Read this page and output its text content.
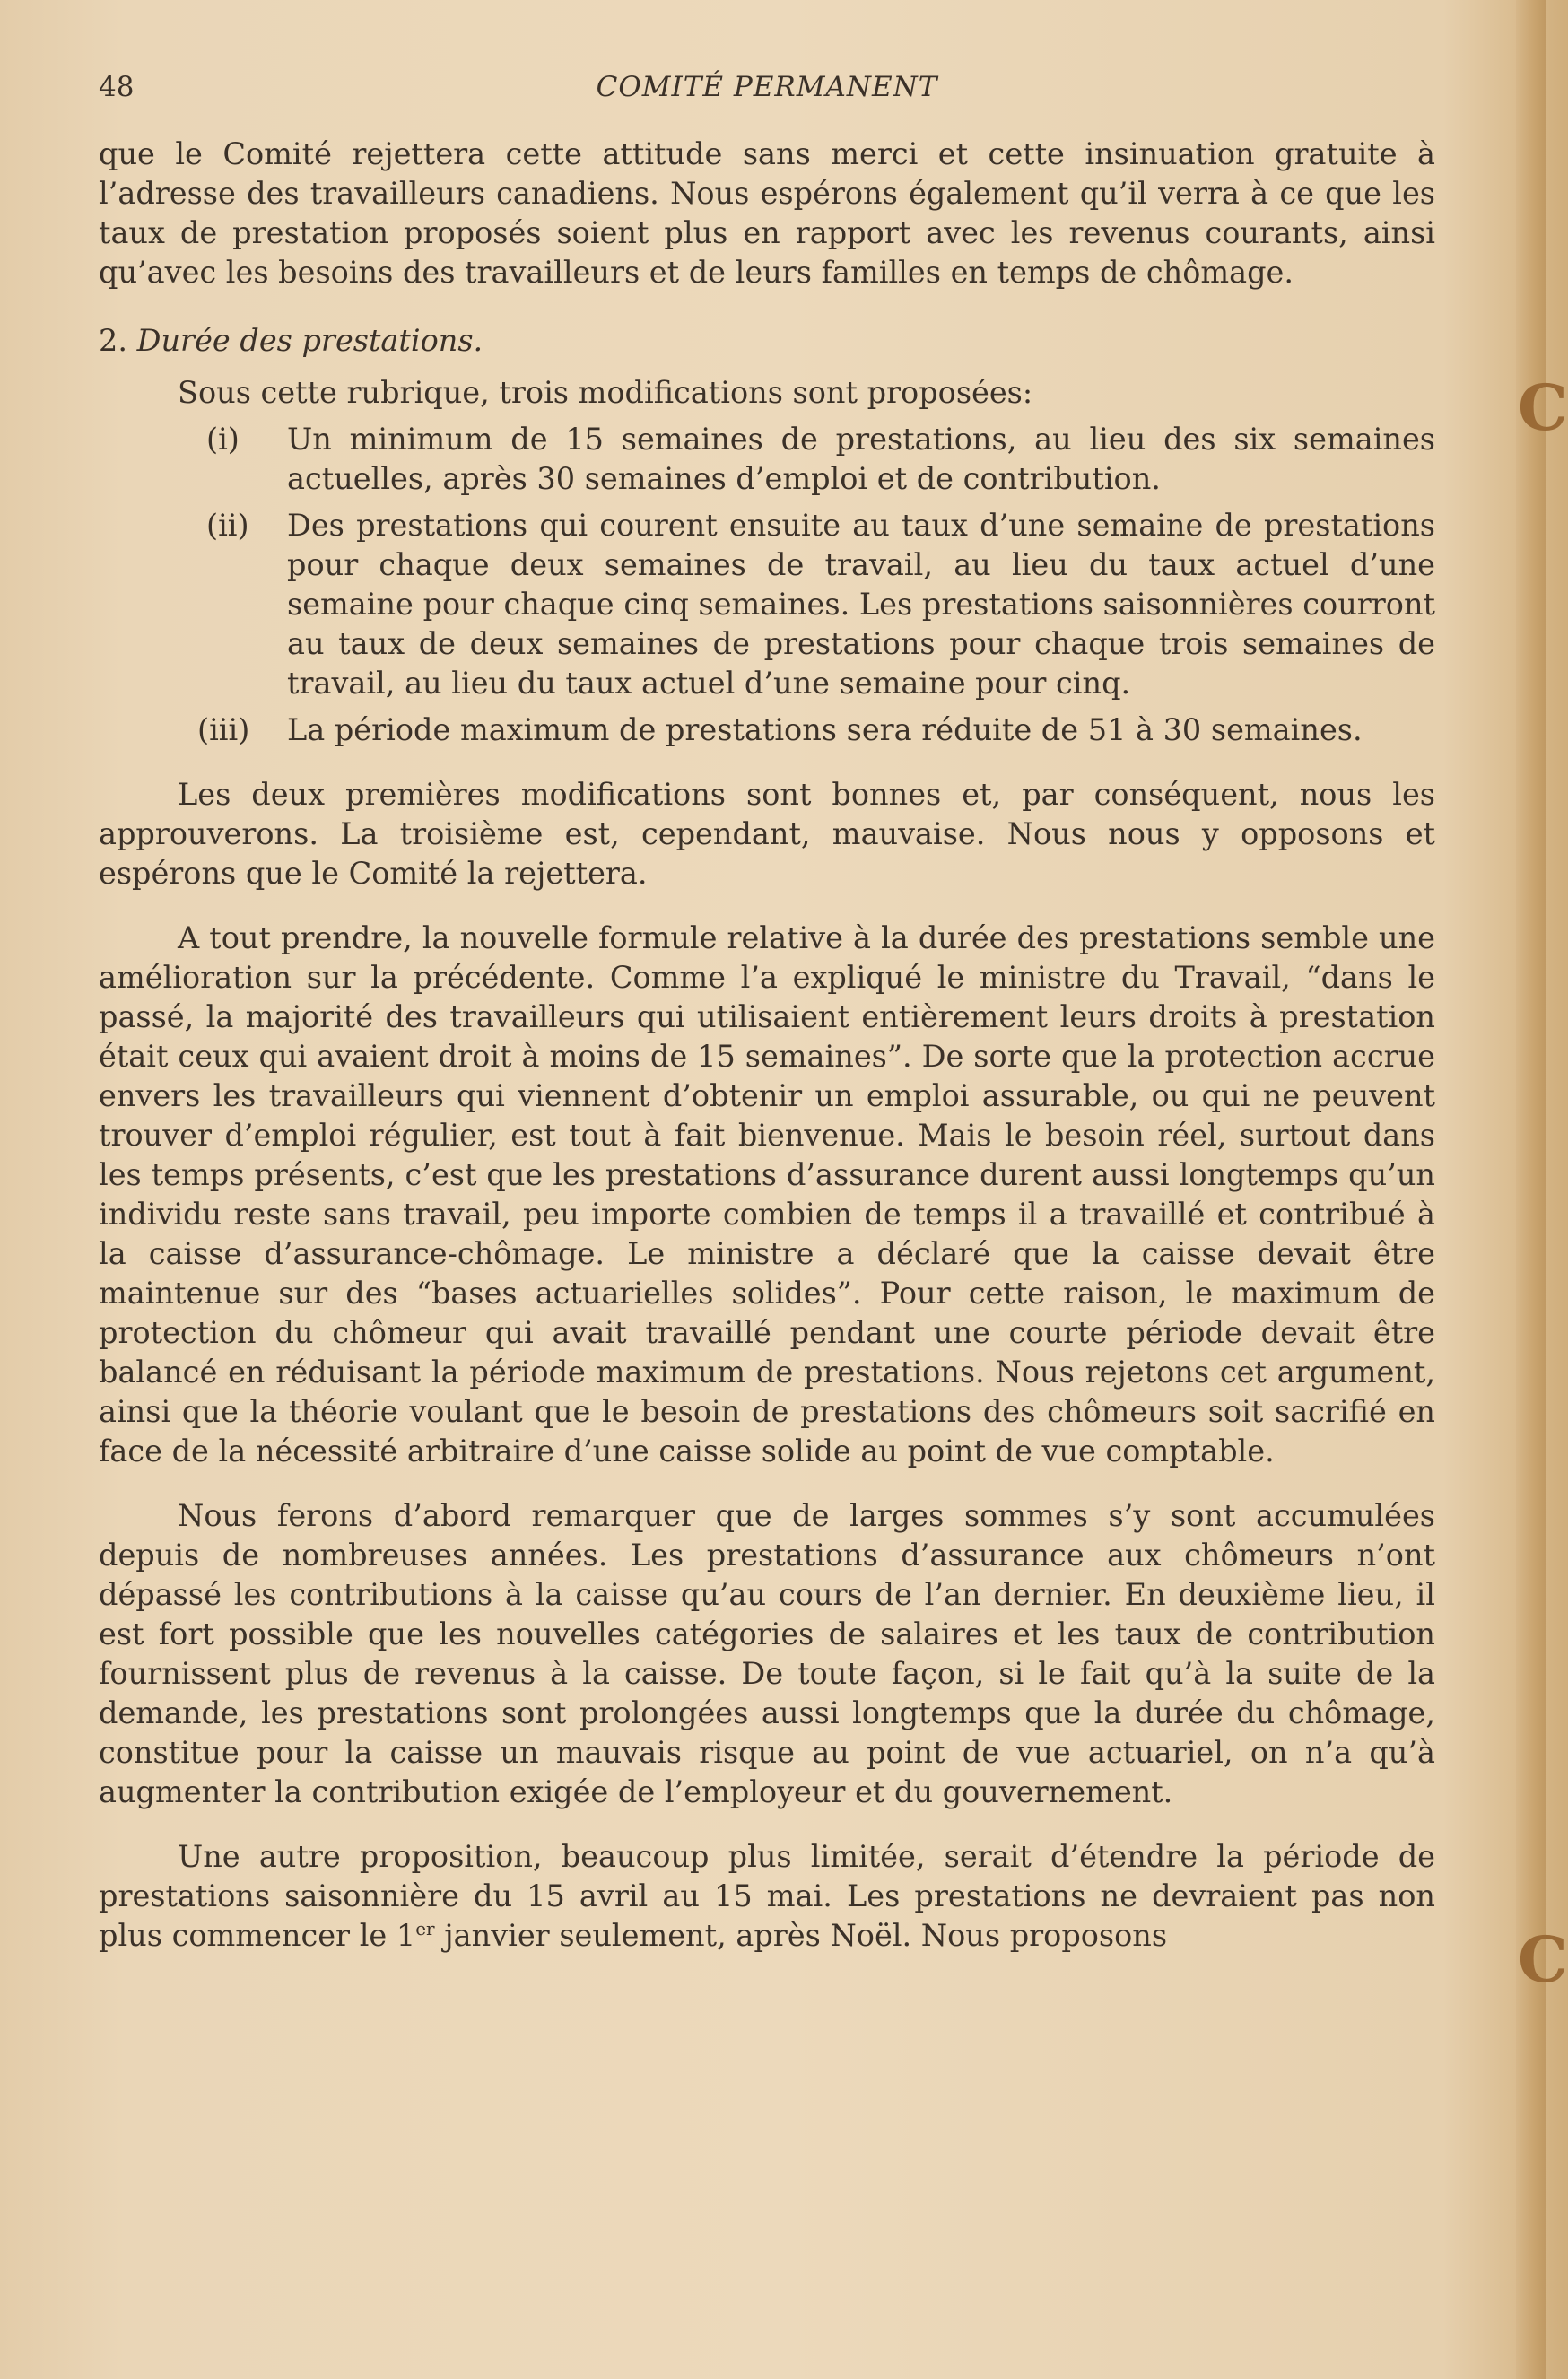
C
C
48	COMITÉ PERMANENT

que le Comité rejettera cette attitude sans merci et cette insinuation gratuite à l’adresse des travailleurs canadiens. Nous espérons également qu’il verra à ce que les taux de prestation proposés soient plus en rapport avec les revenus courants, ainsi qu’avec les besoins des travailleurs et de leurs familles en temps de chômage.

2. Durée des prestations.

Sous cette rubrique, trois modifications sont proposées:

(i) Un minimum de 15 semaines de prestations, au lieu des six semaines actuelles, après 30 semaines d’emploi et de contribution.
(ii) Des prestations qui courent ensuite au taux d’une semaine de prestations pour chaque deux semaines de travail, au lieu du taux actuel d’une semaine pour chaque cinq semaines. Les prestations saisonnières courront au taux de deux semaines de prestations pour chaque trois semaines de travail, au lieu du taux actuel d’une semaine pour cinq.
(iii) La période maximum de prestations sera réduite de 51 à 30 semaines.

Les deux premières modifications sont bonnes et, par conséquent, nous les approuverons. La troisième est, cependant, mauvaise. Nous nous y opposons et espérons que le Comité la rejettera.

A tout prendre, la nouvelle formule relative à la durée des prestations semble une amélioration sur la précédente. Comme l’a expliqué le ministre du Travail, “dans le passé, la majorité des travailleurs qui utilisaient entièrement leurs droits à prestation était ceux qui avaient droit à moins de 15 semaines”. De sorte que la protection accrue envers les travailleurs qui viennent d’obtenir un emploi assurable, ou qui ne peuvent trouver d’emploi régulier, est tout à fait bienvenue. Mais le besoin réel, surtout dans les temps présents, c’est que les prestations d’assurance durent aussi longtemps qu’un individu reste sans travail, peu importe combien de temps il a travaillé et contribué à la caisse d’assurance-chômage. Le ministre a déclaré que la caisse devait être maintenue sur des “bases actuarielles solides”. Pour cette raison, le maximum de protection du chômeur qui avait travaillé pendant une courte période devait être balancé en réduisant la période maximum de prestations. Nous rejetons cet argument, ainsi que la théorie voulant que le besoin de prestations des chômeurs soit sacrifié en face de la nécessité arbitraire d’une caisse solide au point de vue comptable.

Nous ferons d’abord remarquer que de larges sommes s’y sont accumulées depuis de nombreuses années. Les prestations d’assurance aux chômeurs n’ont dépassé les contributions à la caisse qu’au cours de l’an dernier. En deuxième lieu, il est fort possible que les nouvelles catégories de salaires et les taux de contribution fournissent plus de revenus à la caisse. De toute façon, si le fait qu’à la suite de la demande, les prestations sont prolongées aussi longtemps que la durée du chômage, constitue pour la caisse un mauvais risque au point de vue actuariel, on n’a qu’à augmenter la contribution exigée de l’employeur et du gouvernement.

Une autre proposition, beaucoup plus limitée, serait d’étendre la période de prestations saisonnière du 15 avril au 15 mai. Les prestations ne devraient pas non plus commencer le 1er janvier seulement, après Noël. Nous proposons
